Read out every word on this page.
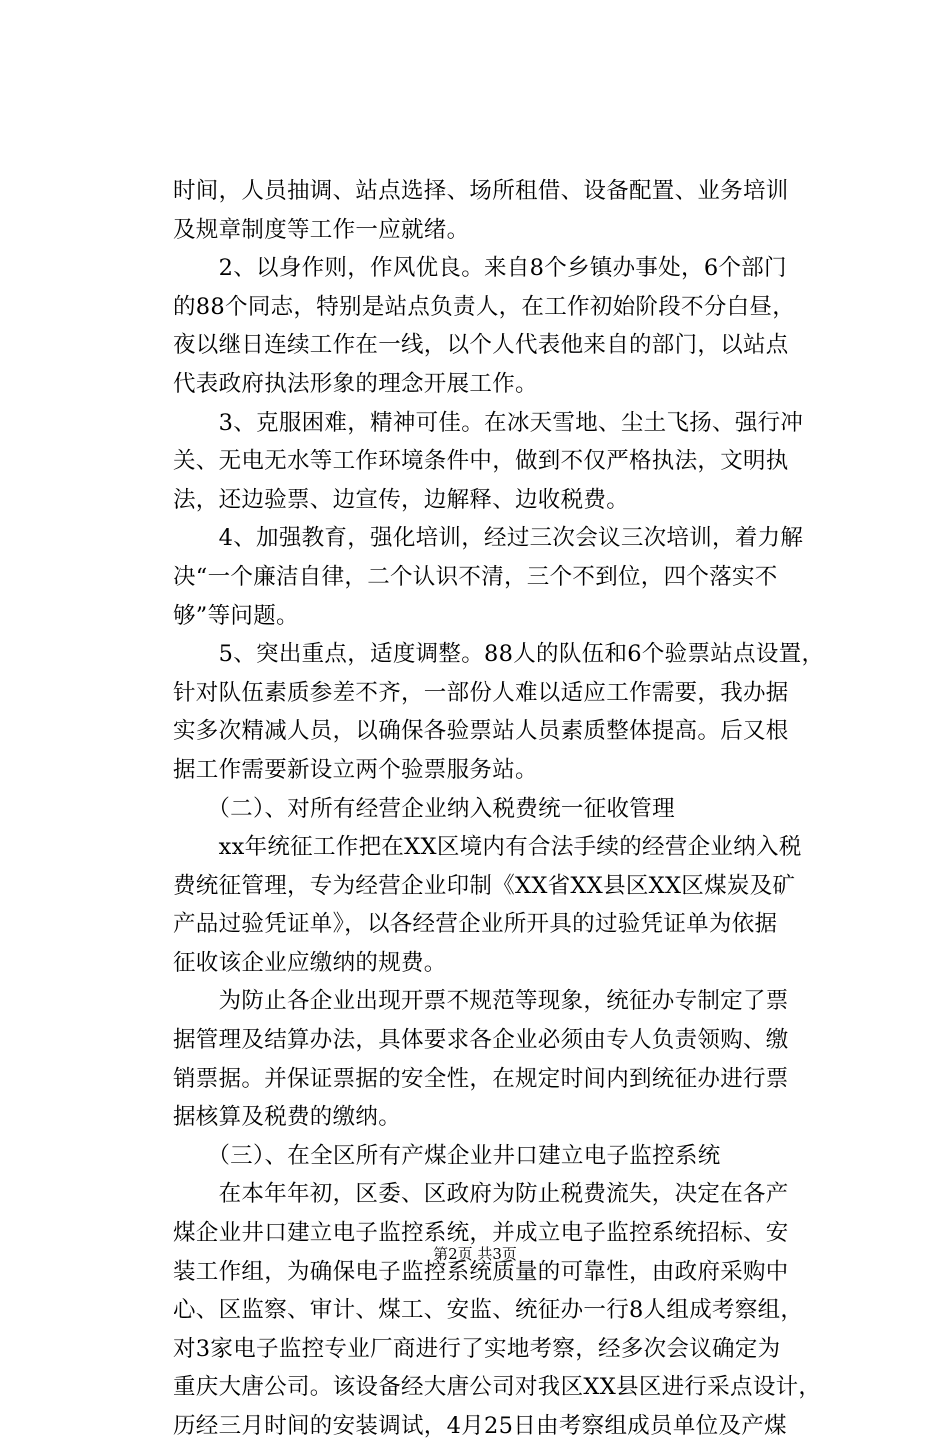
时间，人员抽调、站点选择、场所租借、设备配置、业务培训
及规章制度等工作一应就绪。
　　2、以身作则，作风优良。来自8个乡镇办事处，6个部门
的88个同志，特别是站点负责人，在工作初始阶段不分白昼，
夜以继日连续工作在一线，以个人代表他来自的部门，以站点
代表政府执法形象的理念开展工作。
　　3、克服困难，精神可佳。在冰天雪地、尘土飞扬、强行冲
关、无电无水等工作环境条件中，做到不仅严格执法，文明执
法，还边验票、边宣传，边解释、边收税费。
　　4、加强教育，强化培训，经过三次会议三次培训，着力解
决“一个廉洁自律，二个认识不清，三个不到位，四个落实不
够”等问题。
　　5、突出重点，适度调整。88人的队伍和6个验票站点设置，
针对队伍素质参差不齐，一部份人难以适应工作需要，我办据
实多次精减人员，以确保各验票站人员素质整体提高。后又根
据工作需要新设立两个验票服务站。
　　（二）、对所有经营企业纳入税费统一征收管理
　　xx年统征工作把在XX区境内有合法手续的经营企业纳入税
费统征管理，专为经营企业印制《XX省XX县区XX区煤炭及矿
产品过验凭证单》，以各经营企业所开具的过验凭证单为依据
征收该企业应缴纳的规费。
　　为防止各企业出现开票不规范等现象，统征办专制定了票
据管理及结算办法，具体要求各企业必须由专人负责领购、缴
销票据。并保证票据的安全性，在规定时间内到统征办进行票
据核算及税费的缴纳。
　　（三）、在全区所有产煤企业井口建立电子监控系统
　　在本年年初，区委、区政府为防止税费流失，决定在各产
煤企业井口建立电子监控系统，并成立电子监控系统招标、安
装工作组，为确保电子监控系统质量的可靠性，由政府采购中
心、区监察、审计、煤工、安监、统征办一行8人组成考察组，
对3家电子监控专业厂商进行了实地考察，经多次会议确定为
重庆大唐公司。该设备经大唐公司对我区XX县区进行采点设计，
历经三月时间的安装调试，4月25日由考察组成员单位及产煤
第2页 共3页
